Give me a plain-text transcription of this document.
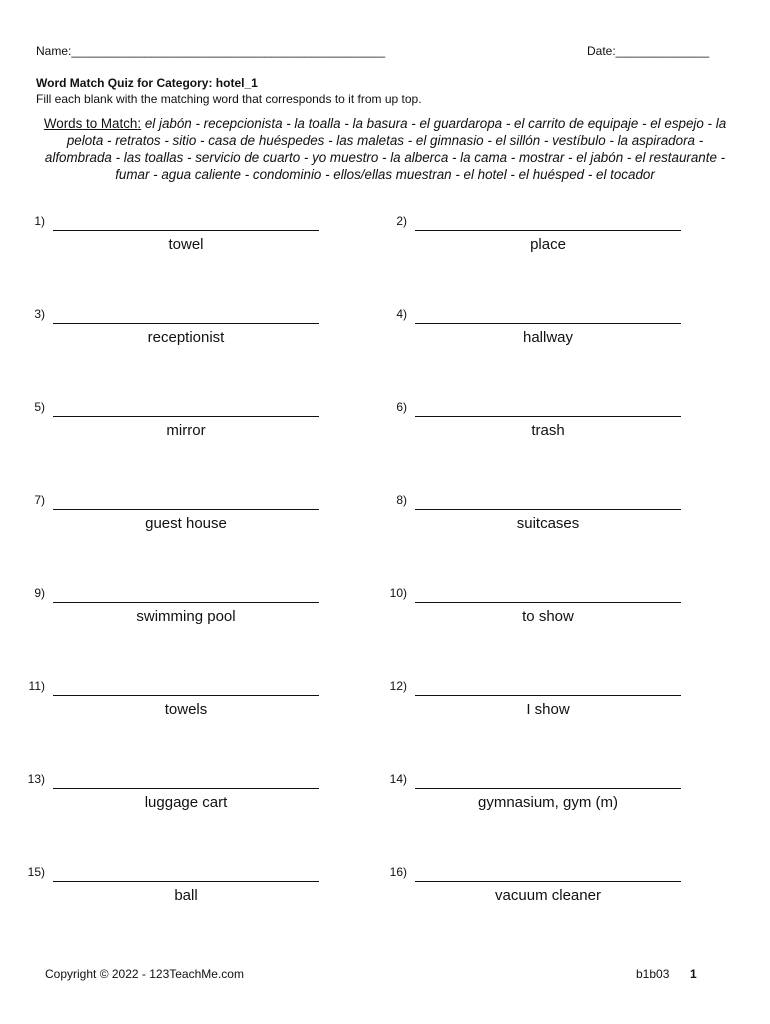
Name:_______________________________________________	Date:______________
Word Match Quiz for Category: hotel_1
Fill each blank with the matching word that corresponds to it from up top.
Words to Match: el jabón - recepcionista - la toalla - la basura - el guardaropa - el carrito de equipaje - el espejo - la pelota - retratos - sitio - casa de huéspedes - las maletas - el gimnasio - el sillón - vestíbulo - la aspiradora - alfombrada - las toallas - servicio de cuarto - yo muestro - la alberca - la cama - mostrar - el jabón - el restaurante - fumar - agua caliente - condominio - ellos/ellas muestran - el hotel - el huésped - el tocador
1)
towel
2)
place
3)
receptionist
4)
hallway
5)
mirror
6)
trash
7)
guest house
8)
suitcases
9)
swimming pool
10)
to show
11)
towels
12)
I show
13)
luggage cart
14)
gymnasium, gym (m)
15)
ball
16)
vacuum cleaner
Copyright © 2022 - 123TeachMe.com	b1b03 1
